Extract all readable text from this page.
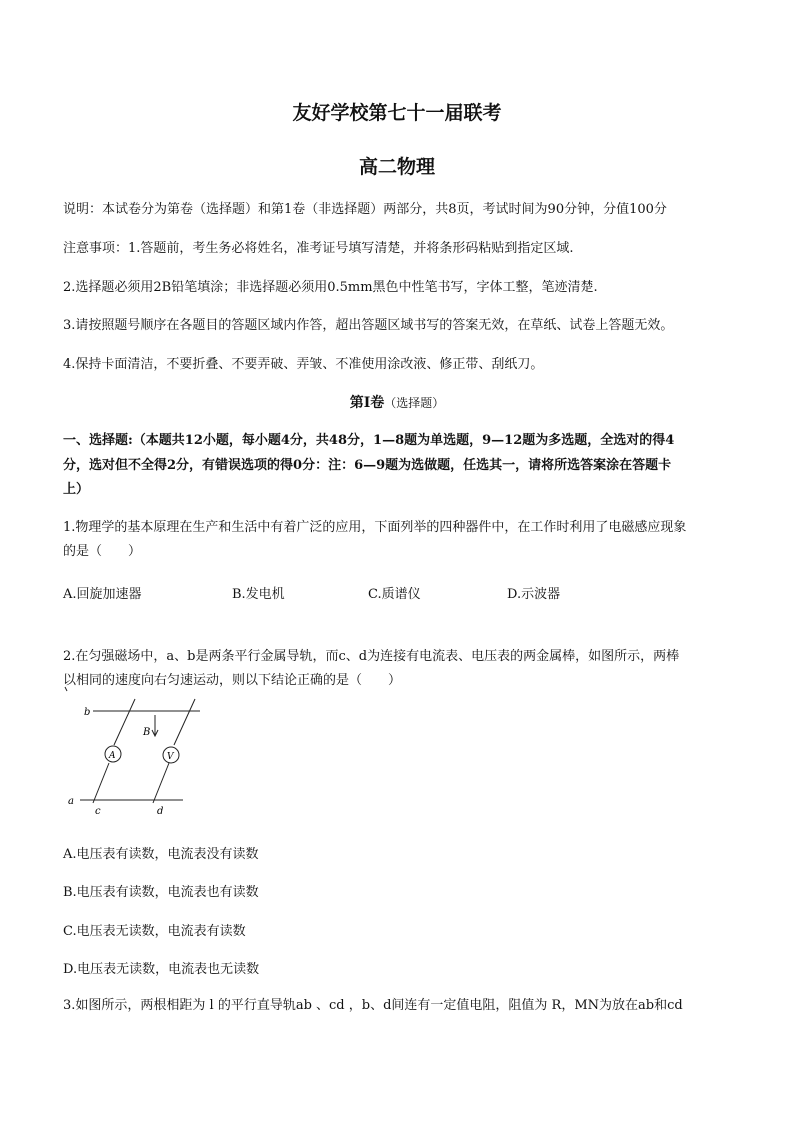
友好学校第七十一届联考
高二物理
说明：本试卷分为第卷（选择题）和第1卷（非选择题）两部分，共8页，考试时间为90分钟，分值100分
注意事项：1.答题前，考生务必将姓名，准考证号填写清楚，并将条形码粘贴到指定区域.
2.选择题必须用2B铅笔填涂；非选择题必须用0.5mm黑色中性笔书写，字体工整，笔迹清楚.
3.请按照题号顺序在各题目的答题区域内作答，超出答题区域书写的答案无效，在草纸、试卷上答题无效。
4.保持卡面清洁，不要折叠、不要弄破、弄皱、不准使用涂改液、修正带、刮纸刀。
第Ⅰ卷（选择题）
一、选择题:（本题共12小题，每小题4分，共48分，1—8题为单选题，9—12题为多选题，全选对的得4
分，选对但不全得2分，有错误选项的得0分：注：6—9题为选做题，任选其一，请将所选答案涂在答题卡
上）
1.物理学的基本原理在生产和生活中有着广泛的应用，下面列举的四种器件中，在工作时利用了电磁感应现象
的是（　　）
A.回旋加速器	B.发电机	C.质谱仪	D.示波器
2.在匀强磁场中，a、b是两条平行金属导轨，而c、d为连接有电流表、电压表的两金属棒，如图所示，两棒
以相同的速度向右匀速运动，则以下结论正确的是（　　）
b
a
c	d
B
A	V
A.电压表有读数，电流表没有读数
B.电压表有读数，电流表也有读数
C.电压表无读数，电流表有读数
D.电压表无读数，电流表也无读数
3.如图所示，两根相距为 l 的平行直导轨ab 、cd ，b、d间连有一定值电阻，阻值为 R，MN为放在ab和cd
